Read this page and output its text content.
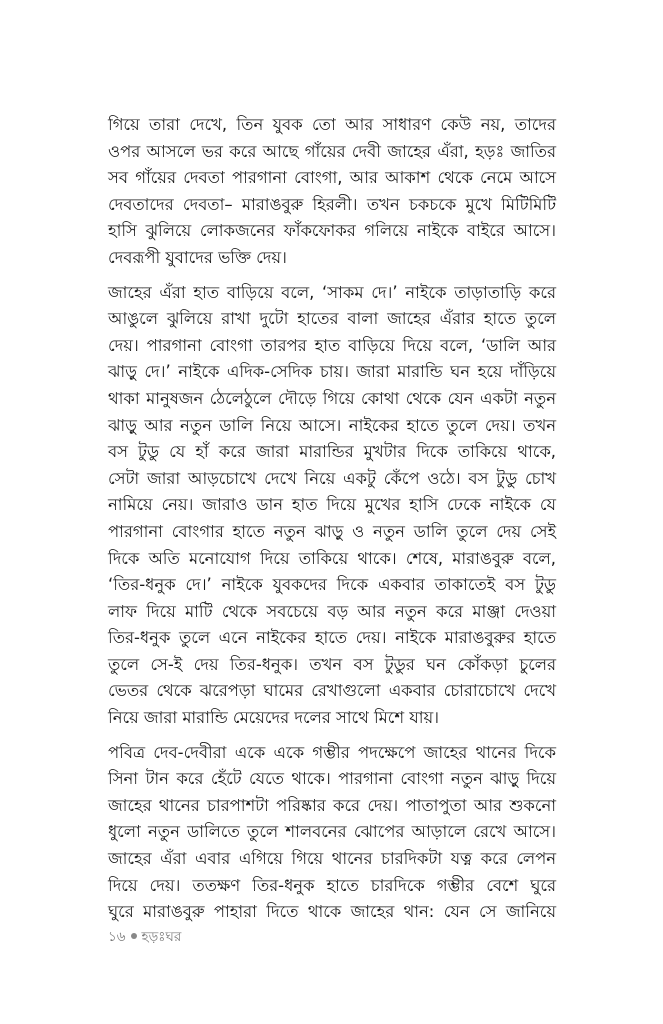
গিয়ে তারা দেখে, তিন যুবক তো আর সাধারণ কেউ নয়, তাদের
ওপর আসলে ভর করে আছে গাঁয়ের দেবী জাহের এঁরা, হড়ঃ জাতির
সব গাঁয়ের দেবতা পারগানা বোংগা, আর আকাশ থেকে নেমে আসে
দেবতাদের দেবতা– মারাঙবুরু হিরলী। তখন চকচকে মুখে মিটিমিটি
হাসি ঝুলিয়ে লোকজনের ফাঁকফোকর গলিয়ে নাইকে বাইরে আসে।
দেবরূপী যুবাদের ভক্তি দেয়।

জাহের এঁরা হাত বাড়িয়ে বলে, ‘সাকম দে।’ নাইকে তাড়াতাড়ি করে
আঙুলে ঝুলিয়ে রাখা দুটো হাতের বালা জাহের এঁরার হাতে তুলে
দেয়। পারগানা বোংগা তারপর হাত বাড়িয়ে দিয়ে বলে, ‘ডালি আর
ঝাড়ু দে।’ নাইকে এদিক-সেদিক চায়। জারা মারান্ডি ঘন হয়ে দাঁড়িয়ে
থাকা মানুষজন ঠেলেঠুলে দৌড়ে গিয়ে কোথা থেকে যেন একটা নতুন
ঝাড়ু আর নতুন ডালি নিয়ে আসে। নাইকের হাতে তুলে দেয়। তখন
বস টুডু যে হাঁ করে জারা মারান্ডির মুখটার দিকে তাকিয়ে থাকে,
সেটা জারা আড়চোখে দেখে নিয়ে একটু কেঁপে ওঠে। বস টুডু চোখ
নামিয়ে নেয়। জারাও ডান হাত দিয়ে মুখের হাসি ঢেকে নাইকে যে
পারগানা বোংগার হাতে নতুন ঝাড়ু ও নতুন ডালি তুলে দেয় সেই
দিকে অতি মনোযোগ দিয়ে তাকিয়ে থাকে। শেষে, মারাঙবুরু বলে,
‘তির-ধনুক দে।’ নাইকে যুবকদের দিকে একবার তাকাতেই বস টুডু
লাফ দিয়ে মাটি থেকে সবচেয়ে বড় আর নতুন করে মাঞ্জা দেওয়া
তির-ধনুক তুলে এনে নাইকের হাতে দেয়। নাইকে মারাঙবুরুর হাতে
তুলে সে-ই দেয় তির-ধনুক। তখন বস টুডুর ঘন কোঁকড়া চুলের
ভেতর থেকে ঝরেপড়া ঘামের রেখাগুলো একবার চোরাচোখে দেখে
নিয়ে জারা মারান্ডি মেয়েদের দলের সাথে মিশে যায়।

পবিত্র দেব-দেবীরা একে একে গম্ভীর পদক্ষেপে জাহের থানের দিকে
সিনা টান করে হেঁটে যেতে থাকে। পারগানা বোংগা নতুন ঝাড়ু দিয়ে
জাহের থানের চারপাশটা পরিষ্কার করে দেয়। পাতাপুতা আর শুকনো
ধুলো নতুন ডালিতে তুলে শালবনের ঝোপের আড়ালে রেখে আসে।
জাহের এঁরা এবার এগিয়ে গিয়ে থানের চারদিকটা যত্ন করে লেপন
দিয়ে দেয়। ততক্ষণ তির-ধনুক হাতে চারদিকে গম্ভীর বেশে ঘুরে
ঘুরে মারাঙবুরু পাহারা দিতে থাকে জাহের থান: যেন সে জানিয়ে

১৬ হড়ঃঘর
